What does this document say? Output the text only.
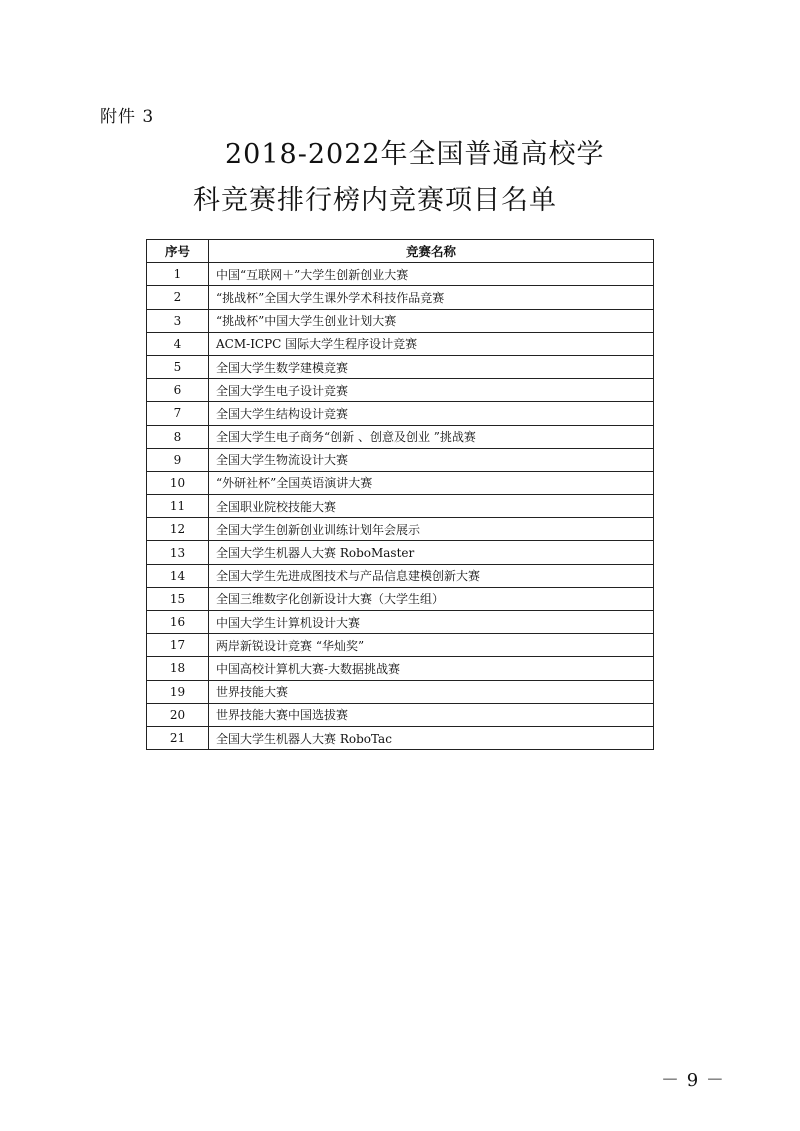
附件 3
2018-2022年全国普通高校学
科竞赛排行榜内竞赛项目名单
序号	竞赛名称
1	中国“互联网＋”大学生创新创业大赛
2	“挑战杯”全国大学生课外学术科技作品竞赛
3	“挑战杯”中国大学生创业计划大赛
4	ACM-ICPC 国际大学生程序设计竞赛
5	全国大学生数学建模竞赛
6	全国大学生电子设计竞赛
7	全国大学生结构设计竞赛
8	全国大学生电子商务“创新 、创意及创业 ”挑战赛
9	全国大学生物流设计大赛
10	“外研社杯”全国英语演讲大赛
11	全国职业院校技能大赛
12	全国大学生创新创业训练计划年会展示
13	全国大学生机器人大赛 RoboMaster
14	全国大学生先进成图技术与产品信息建模创新大赛
15	全国三维数字化创新设计大赛（大学生组）
16	中国大学生计算机设计大赛
17	两岸新锐设计竞赛 “华灿奖”
18	中国高校计算机大赛-大数据挑战赛
19	世界技能大赛
20	世界技能大赛中国选拔赛
21	全国大学生机器人大赛 RoboTac
－ 9 －
